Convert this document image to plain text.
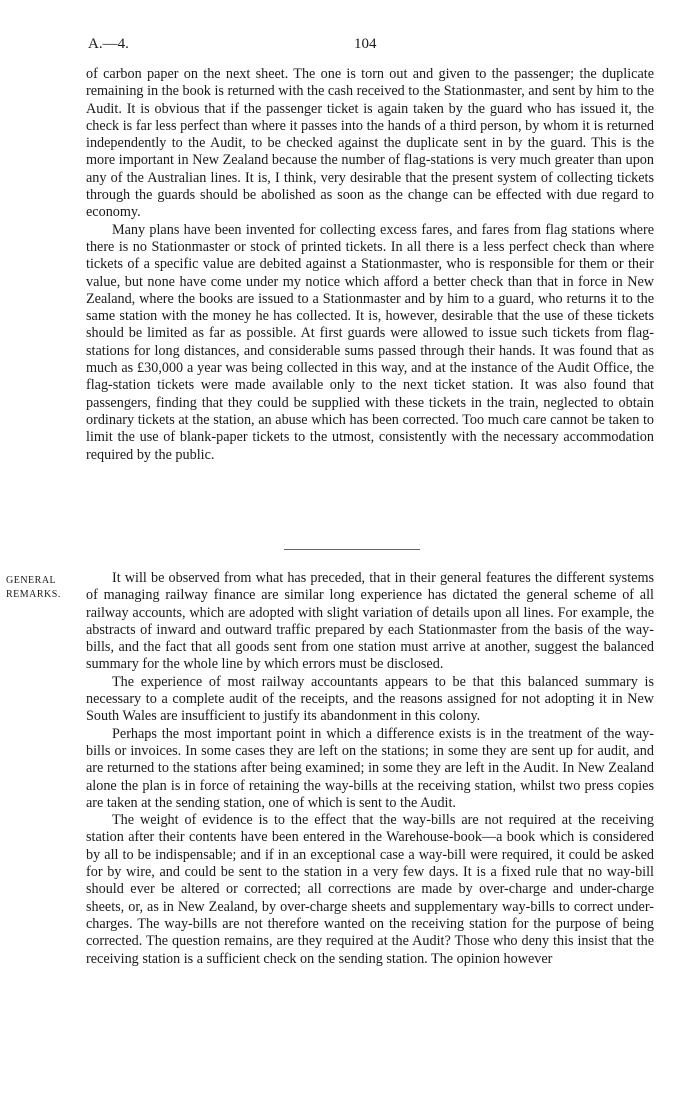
A.—4.	104

of carbon paper on the next sheet. The one is torn out and given to the passenger; the duplicate remaining in the book is returned with the cash received to the Stationmaster, and sent by him to the Audit. It is obvious that if the passenger ticket is again taken by the guard who has issued it, the check is far less perfect than where it passes into the hands of a third person, by whom it is returned independently to the Audit, to be checked against the duplicate sent in by the guard. This is the more important in New Zealand because the number of flag-stations is very much greater than upon any of the Australian lines. It is, I think, very desirable that the present system of collecting tickets through the guards should be abolished as soon as the change can be effected with due regard to economy.

Many plans have been invented for collecting excess fares, and fares from flag stations where there is no Stationmaster or stock of printed tickets. In all there is a less perfect check than where tickets of a specific value are debited against a Stationmaster, who is responsible for them or their value, but none have come under my notice which afford a better check than that in force in New Zealand, where the books are issued to a Stationmaster and by him to a guard, who returns it to the same station with the money he has collected. It is, however, desirable that the use of these tickets should be limited as far as possible. At first guards were allowed to issue such tickets from flag-stations for long distances, and considerable sums passed through their hands. It was found that as much as £30,000 a year was being collected in this way, and at the instance of the Audit Office, the flag-station tickets were made available only to the next ticket station. It was also found that passengers, finding that they could be supplied with these tickets in the train, neglected to obtain ordinary tickets at the station, an abuse which has been corrected. Too much care cannot be taken to limit the use of blank-paper tickets to the utmost, consistently with the necessary accommodation required by the public.

GENERAL
REMARKS.

It will be observed from what has preceded, that in their general features the different systems of managing railway finance are similar long experience has dictated the general scheme of all railway accounts, which are adopted with slight variation of details upon all lines. For example, the abstracts of inward and outward traffic prepared by each Stationmaster from the basis of the way-bills, and the fact that all goods sent from one station must arrive at another, suggest the balanced summary for the whole line by which errors must be disclosed.

The experience of most railway accountants appears to be that this balanced summary is necessary to a complete audit of the receipts, and the reasons assigned for not adopting it in New South Wales are insufficient to justify its abandonment in this colony.

Perhaps the most important point in which a difference exists is in the treatment of the way-bills or invoices. In some cases they are left on the stations; in some they are sent up for audit, and are returned to the stations after being examined; in some they are left in the Audit. In New Zealand alone the plan is in force of retaining the way-bills at the receiving station, whilst two press copies are taken at the sending station, one of which is sent to the Audit.

The weight of evidence is to the effect that the way-bills are not required at the receiving station after their contents have been entered in the Warehouse-book—a book which is considered by all to be indispensable; and if in an exceptional case a way-bill were required, it could be asked for by wire, and could be sent to the station in a very few days. It is a fixed rule that no way-bill should ever be altered or corrected; all corrections are made by over-charge and under-charge sheets, or, as in New Zealand, by over-charge sheets and supplementary way-bills to correct under-charges. The way-bills are not therefore wanted on the receiving station for the purpose of being corrected. The question remains, are they required at the Audit? Those who deny this insist that the receiving station is a sufficient check on the sending station. The opinion however
